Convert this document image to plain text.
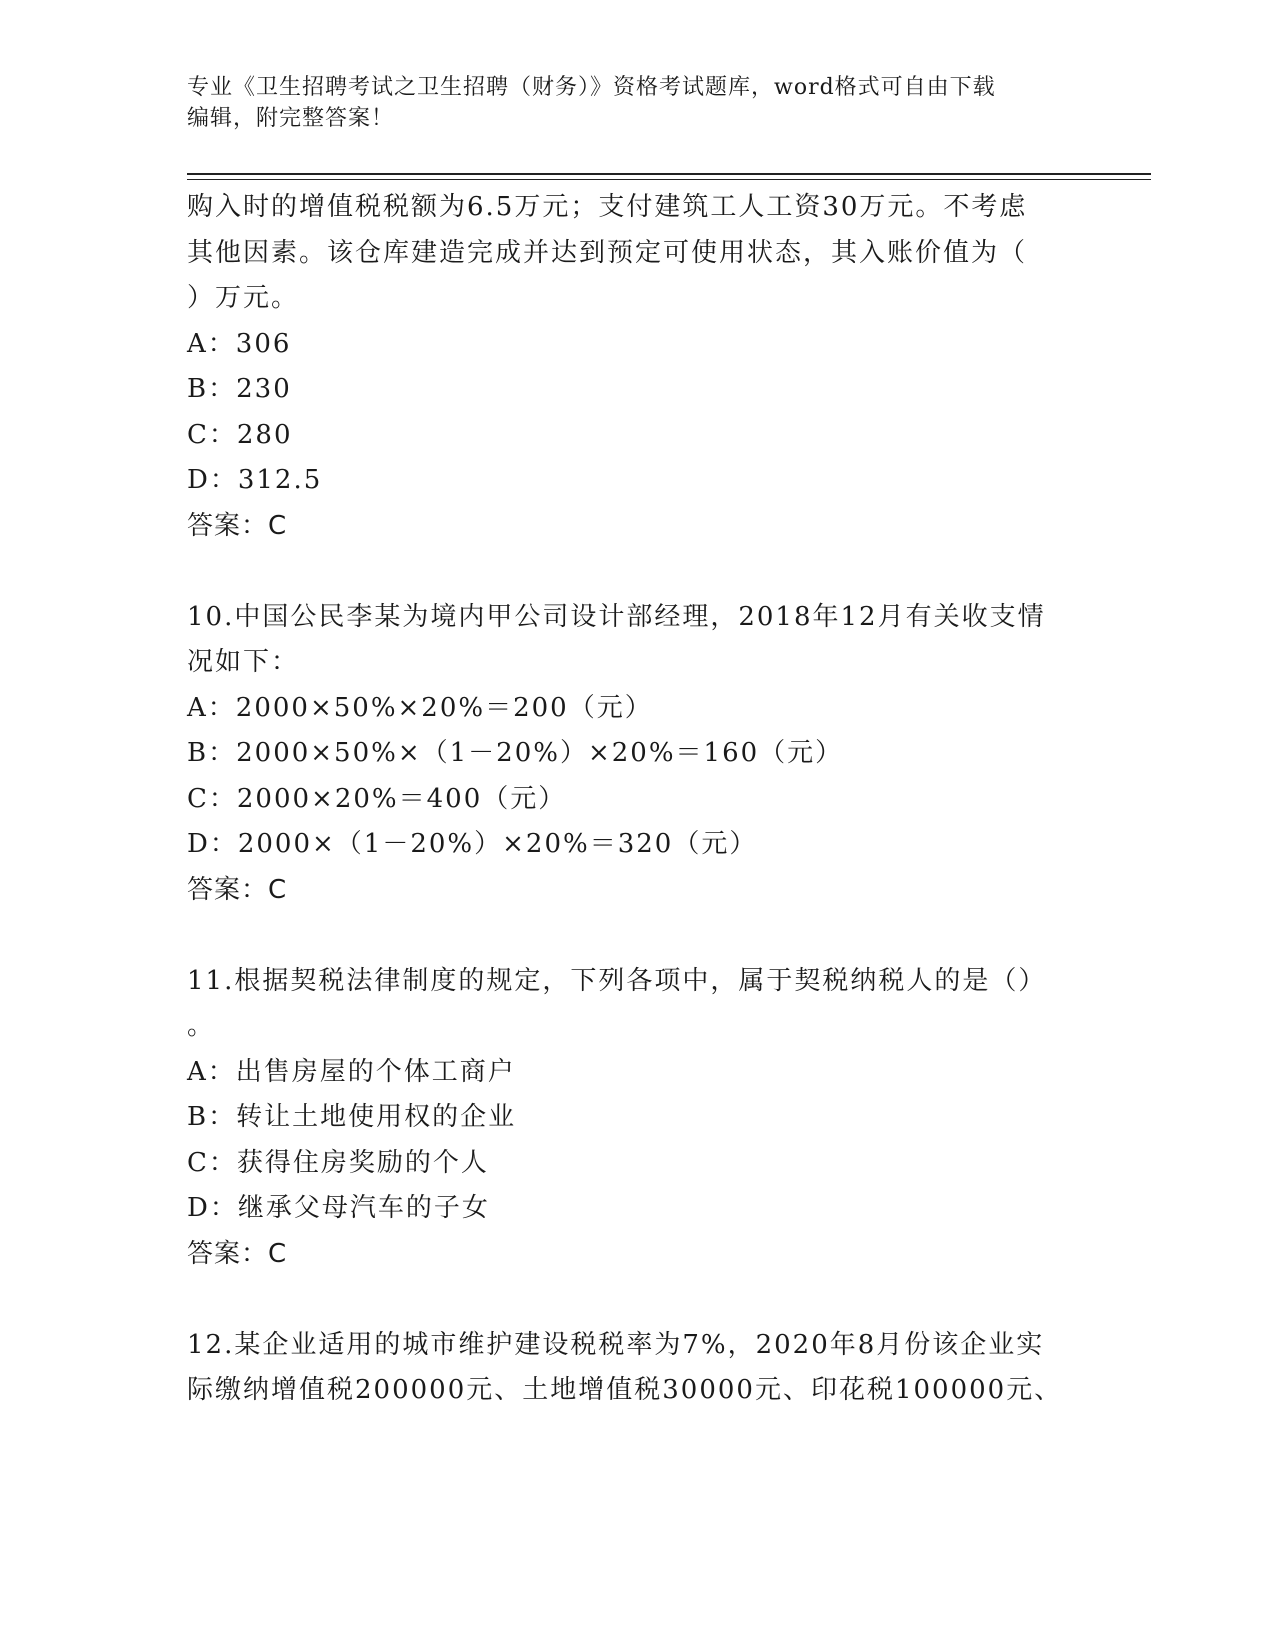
专业《卫生招聘考试之卫生招聘（财务）》资格考试题库，word格式可自由下载
编辑，附完整答案！
购入时的增值税税额为6.5万元；支付建筑工人工资30万元。不考虑
其他因素。该仓库建造完成并达到预定可使用状态，其入账价值为（
）万元。
A：306
B：230
C：280
D：312.5
答案：C
10.中国公民李某为境内甲公司设计部经理，2018年12月有关收支情
况如下：
A：2000×50%×20%＝200（元）
B：2000×50%×（1－20%）×20%＝160（元）
C：2000×20%＝400（元）
D：2000×（1－20%）×20%＝320（元）
答案：C
11.根据契税法律制度的规定，下列各项中，属于契税纳税人的是（）
。
A：出售房屋的个体工商户
B：转让土地使用权的企业
C：获得住房奖励的个人
D：继承父母汽车的子女
答案：C
12.某企业适用的城市维护建设税税率为7%，2020年8月份该企业实
际缴纳增值税200000元、土地增值税30000元、印花税100000元、
